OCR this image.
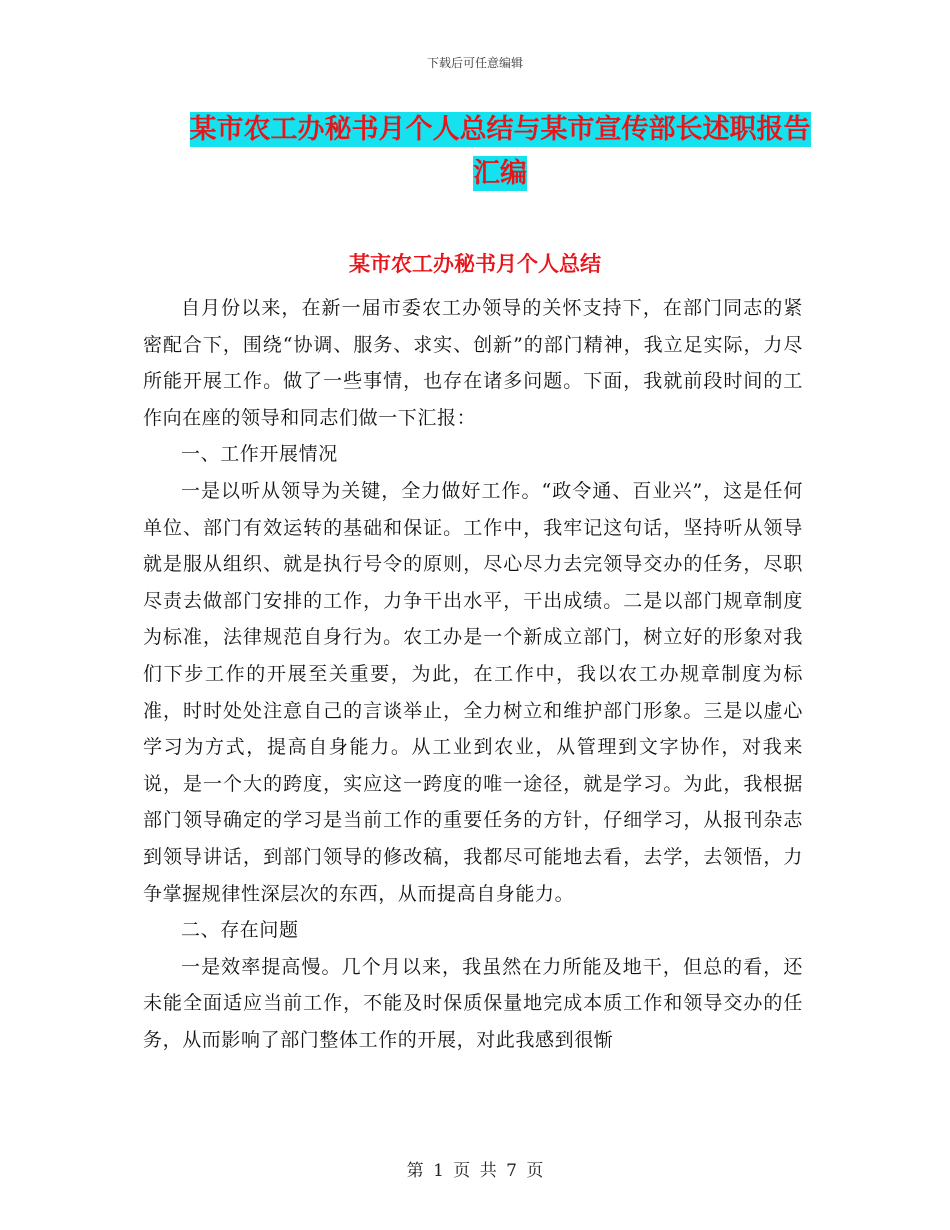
下载后可任意编辑
某市农工办秘书月个人总结与某市宣传部长述职报告
汇编
某市农工办秘书月个人总结

自月份以来，在新一届市委农工办领导的关怀支持下，在部门同志的紧密配合下，围绕“协调、服务、求实、创新”的部门精神，我立足实际，力尽所能开展工作。做了一些事情，也存在诸多问题。下面，我就前段时间的工作向在座的领导和同志们做一下汇报：

一、工作开展情况

一是以听从领导为关键，全力做好工作。“政令通、百业兴”，这是任何单位、部门有效运转的基础和保证。工作中，我牢记这句话，坚持听从领导就是服从组织、就是执行号令的原则，尽心尽力去完领导交办的任务，尽职尽责去做部门安排的工作，力争干出水平，干出成绩。二是以部门规章制度为标准，法律规范自身行为。农工办是一个新成立部门，树立好的形象对我们下步工作的开展至关重要，为此，在工作中，我以农工办规章制度为标准，时时处处注意自己的言谈举止，全力树立和维护部门形象。三是以虚心学习为方式，提高自身能力。从工业到农业，从管理到文字协作，对我来说，是一个大的跨度，实应这一跨度的唯一途径，就是学习。为此，我根据部门领导确定的学习是当前工作的重要任务的方针，仔细学习，从报刊杂志到领导讲话，到部门领导的修改稿，我都尽可能地去看，去学，去领悟，力争掌握规律性深层次的东西，从而提高自身能力。

二、存在问题

一是效率提高慢。几个月以来，我虽然在力所能及地干，但总的看，还未能全面适应当前工作，不能及时保质保量地完成本质工作和领导交办的任务，从而影响了部门整体工作的开展，对此我感到很惭

第 1 页 共 7 页
